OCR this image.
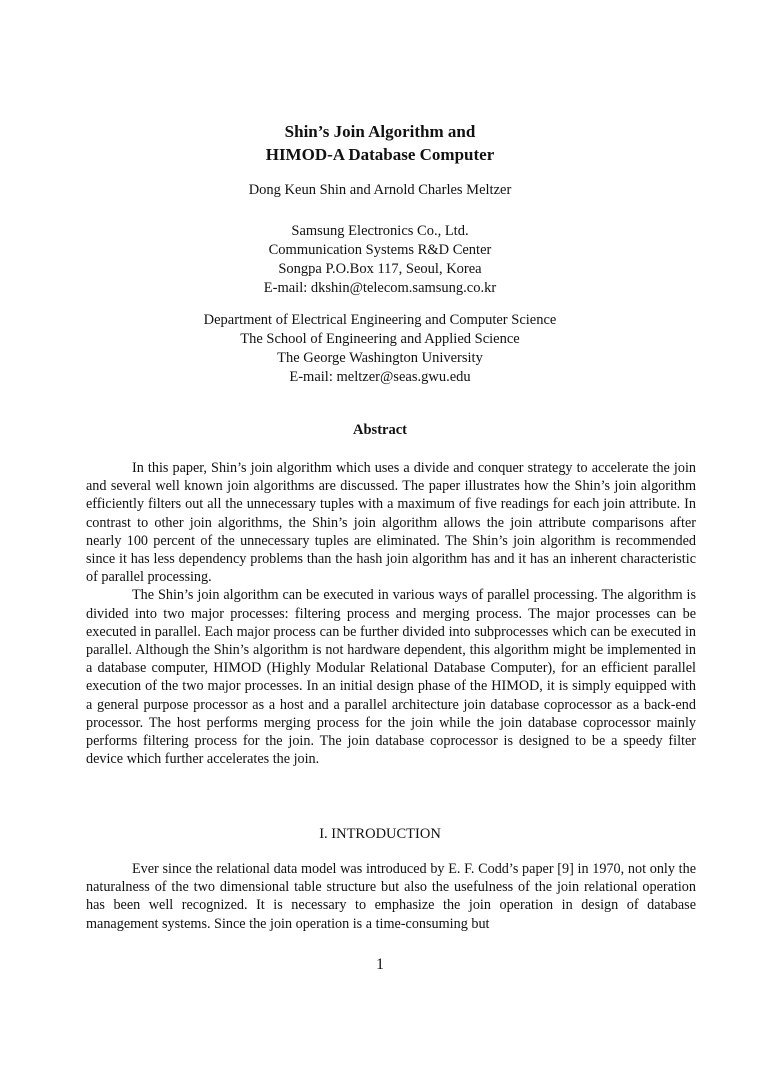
Shin’s Join Algorithm and
HIMOD-A Database Computer
Dong Keun Shin and Arnold Charles Meltzer
Samsung Electronics Co., Ltd.
Communication Systems R&D Center
Songpa P.O.Box 117, Seoul, Korea
E-mail: dkshin@telecom.samsung.co.kr
Department of Electrical Engineering and Computer Science
The School of Engineering and Applied Science
The George Washington University
E-mail: meltzer@seas.gwu.edu
Abstract

In this paper, Shin’s join algorithm which uses a divide and conquer strategy to accelerate the join and several well known join algorithms are discussed. The paper illustrates how the Shin’s join algorithm efficiently filters out all the unnecessary tuples with a maximum of five readings for each join attribute. In contrast to other join algorithms, the Shin’s join algorithm allows the join attribute comparisons after nearly 100 percent of the unnecessary tuples are eliminated. The Shin’s join algorithm is recommended since it has less dependency problems than the hash join algorithm has and it has an inherent characteristic of parallel processing.

The Shin’s join algorithm can be executed in various ways of parallel processing. The algorithm is divided into two major processes: filtering process and merging process. The major processes can be executed in parallel. Each major process can be further divided into subprocesses which can be executed in parallel. Although the Shin’s algorithm is not hardware dependent, this algorithm might be implemented in a database computer, HIMOD (Highly Modular Relational Database Computer), for an efficient parallel execution of the two major processes. In an initial design phase of the HIMOD, it is simply equipped with a general purpose processor as a host and a parallel architecture join database coprocessor as a back-end processor. The host performs merging process for the join while the join database coprocessor mainly performs filtering process for the join. The join database coprocessor is designed to be a speedy filter device which further accelerates the join.

I. INTRODUCTION

Ever since the relational data model was introduced by E. F. Codd’s paper [9] in 1970, not only the naturalness of the two dimensional table structure but also the usefulness of the join relational operation has been well recognized. It is necessary to emphasize the join operation in design of database management systems. Since the join operation is a time-consuming but

1
